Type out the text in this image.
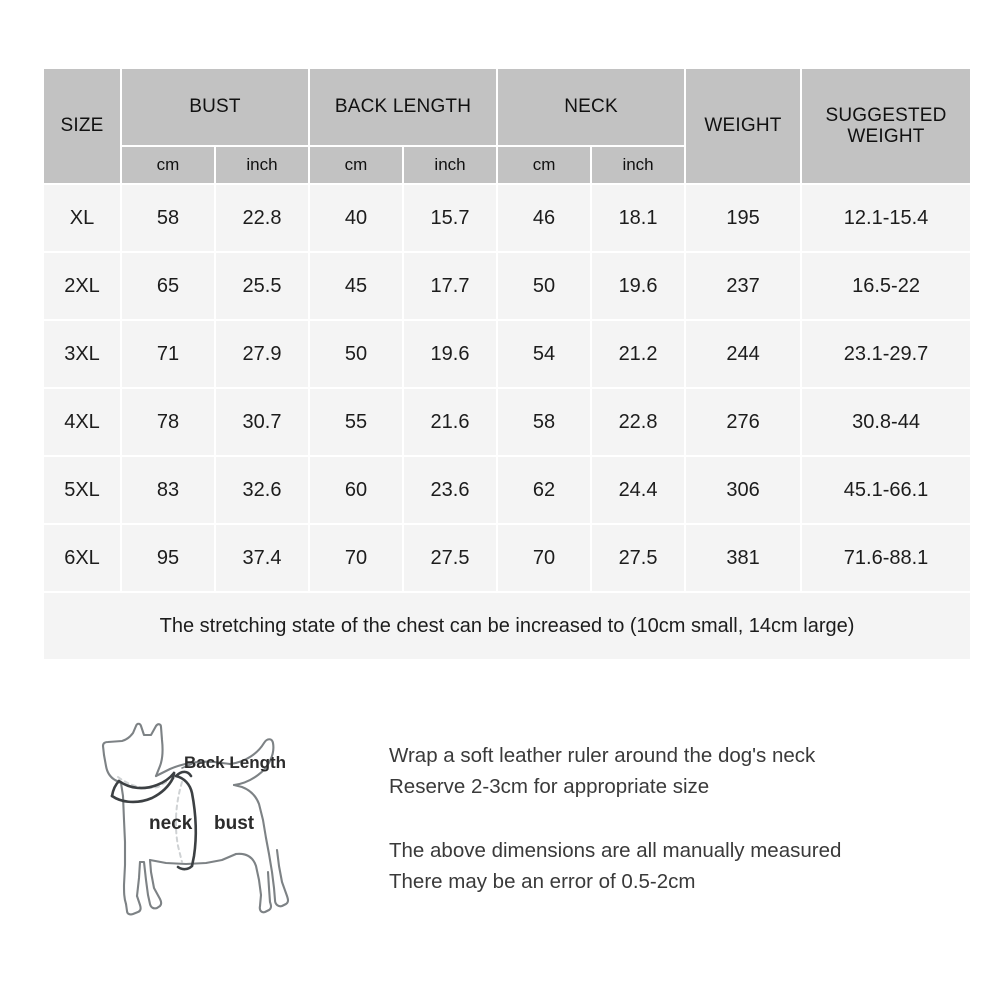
SIZE	BUST		BACK LENGTH		NECK		WEIGHT	SUGGESTED WEIGHT
	cm	inch	cm	inch	cm	inch		
XL	58	22.8	40	15.7	46	18.1	195	12.1-15.4
2XL	65	25.5	45	17.7	50	19.6	237	16.5-22
3XL	71	27.9	50	19.6	54	21.2	244	23.1-29.7
4XL	78	30.7	55	21.6	58	22.8	276	30.8-44
5XL	83	32.6	60	23.6	62	24.4	306	45.1-66.1
6XL	95	37.4	70	27.5	70	27.5	381	71.6-88.1
The stretching state of the chest can be increased to (10cm small, 14cm large)								
Back Length
neck bust
Wrap a soft leather ruler around the dog's neck
Reserve 2-3cm for appropriate size
The above dimensions are all manually measured
There may be an error of 0.5-2cm
